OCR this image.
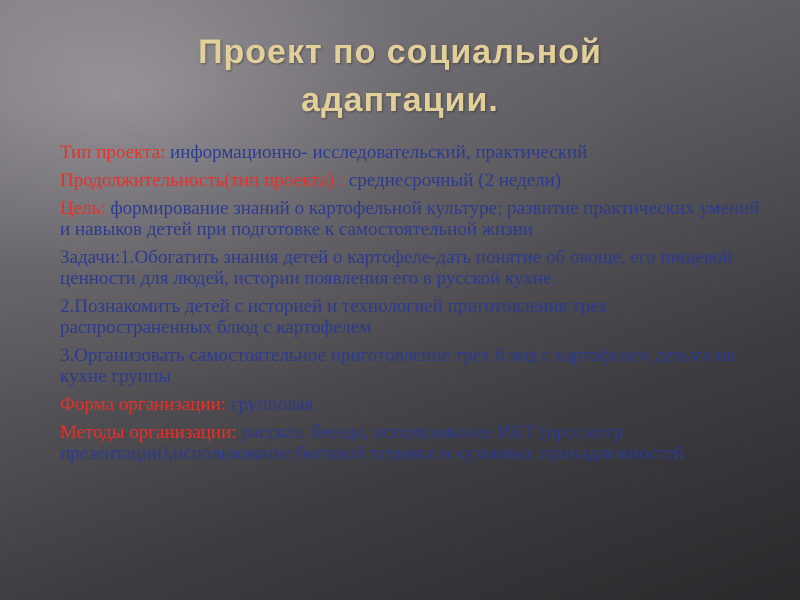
Проект по социальной
адаптации.

Тип проекта: информационно- исследовательский, практический

Продолжительность(тип проекта) : среднесрочный (2 недели)

Цель: формирование знаний о картофельной культуре; развитие практических умений и навыков детей при подготовке к самостоятельной жизни

Задачи:1.Обогатить знания детей о картофеле-дать понятие об овоще, его пищевой ценности для людей, истории появления его в русской кухне.

2.Познакомить детей с историей и технологией приготовления трех распространенных блюд с картофелем

3.Организовать самостоятельное приготовление трех блюд с картофелем детьми на кухне группы

Форма организации: групповая

Методы организации: рассказ, беседа, использование ИКТ (просмотр презентации),использование бытовой техники и кухонных принадлежностей
